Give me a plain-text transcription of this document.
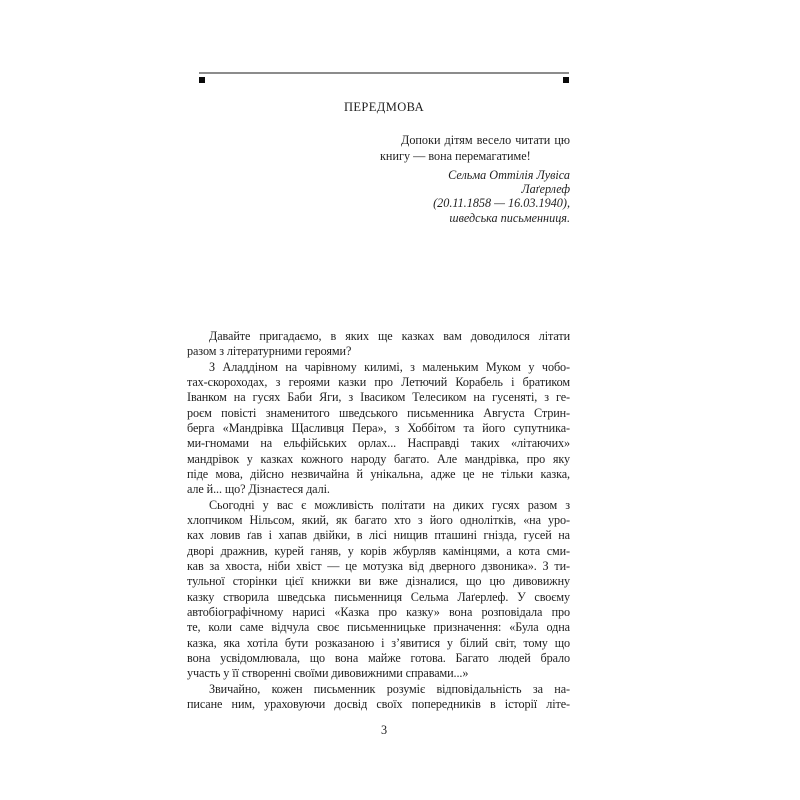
ПЕРЕДМОВА
Допоки дітям весело читати цю
книгу — вона перемагатиме!
Сельма Оттілія Лувіса
Лаґерлеф
(20.11.1858 — 16.03.1940),
шведська письменниця.
Давайте пригадаємо, в яких ще казках вам доводилося літати
разом з літературними героями?
З Аладдіном на чарівному килимі, з маленьким Муком у чобо-
тах-скороходах, з героями казки про Летючий Корабель і братиком
Іванком на гусях Баби Яги, з Івасиком Телесиком на гусеняті, з ге-
роєм повісті знаменитого шведського письменника Августа Стрин-
берга «Мандрівка Щасливця Пера», з Хоббітом та його супутника-
ми-гномами на ельфійських орлах... Насправді таких «літаючих»
мандрівок у казках кожного народу багато. Але мандрівка, про яку
піде мова, дійсно незвичайна й унікальна, адже це не тільки казка,
але й... що? Дізнаєтеся далі.
Сьогодні у вас є можливість політати на диких гусях разом з
хлопчиком Нільсом, який, як багато хто з його однолітків, «на уро-
ках ловив ґав і хапав двійки, в лісі нищив пташині гнізда, гусей на
дворі дражнив, курей ганяв, у корів жбурляв камінцями, а кота сми-
кав за хвоста, ніби хвіст — це мотузка від дверного дзвоника». З ти-
тульної сторінки цієї книжки ви вже дізналися, що цю дивовижну
казку створила шведська письменниця Сельма Лаґерлеф. У своєму
автобіографічному нарисі «Казка про казку» вона розповідала про
те, коли саме відчула своє письменницьке призначення: «Була одна
казка, яка хотіла бути розказаною і з’явитися у білий світ, тому що
вона усвідомлювала, що вона майже готова. Багато людей брало
участь у її створенні своїми дивовижними справами...»
Звичайно, кожен письменник розуміє відповідальність за на-
писане ним, ураховуючи досвід своїх попередників в історії літе-
3
